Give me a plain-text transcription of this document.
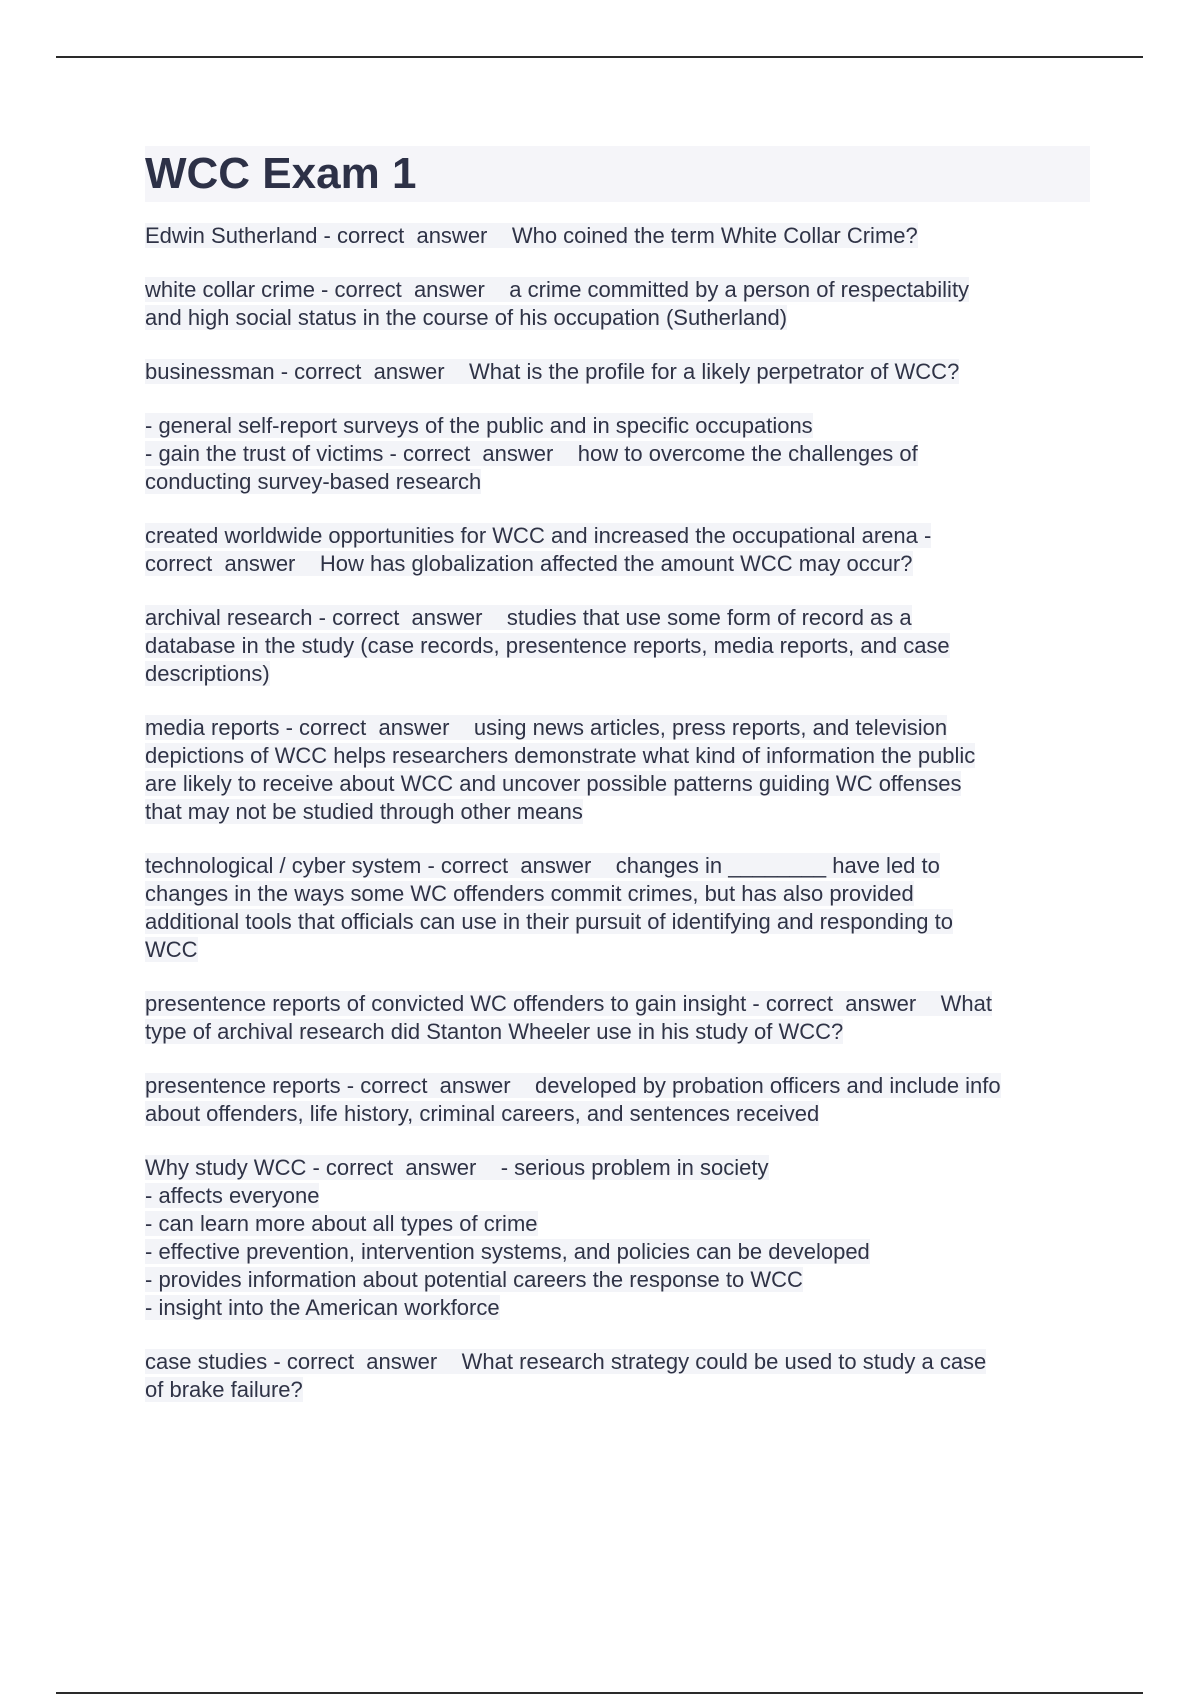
WCC Exam 1
Edwin Sutherland - correct  answer    Who coined the term White Collar Crime?
white collar crime - correct  answer    a crime committed by a person of respectability
and high social status in the course of his occupation (Sutherland)
businessman - correct  answer    What is the profile for a likely perpetrator of WCC?
- general self-report surveys of the public and in specific occupations
- gain the trust of victims - correct  answer    how to overcome the challenges of
conducting survey-based research
created worldwide opportunities for WCC and increased the occupational arena -
correct  answer    How has globalization affected the amount WCC may occur?
archival research - correct  answer    studies that use some form of record as a
database in the study (case records, presentence reports, media reports, and case
descriptions)
media reports - correct  answer    using news articles, press reports, and television
depictions of WCC helps researchers demonstrate what kind of information the public
are likely to receive about WCC and uncover possible patterns guiding WC offenses
that may not be studied through other means
technological / cyber system - correct  answer    changes in ________ have led to
changes in the ways some WC offenders commit crimes, but has also provided
additional tools that officials can use in their pursuit of identifying and responding to
WCC
presentence reports of convicted WC offenders to gain insight - correct  answer    What
type of archival research did Stanton Wheeler use in his study of WCC?
presentence reports - correct  answer    developed by probation officers and include info
about offenders, life history, criminal careers, and sentences received
Why study WCC - correct  answer    - serious problem in society
- affects everyone
- can learn more about all types of crime
- effective prevention, intervention systems, and policies can be developed
- provides information about potential careers the response to WCC
- insight into the American workforce
case studies - correct  answer    What research strategy could be used to study a case
of brake failure?
